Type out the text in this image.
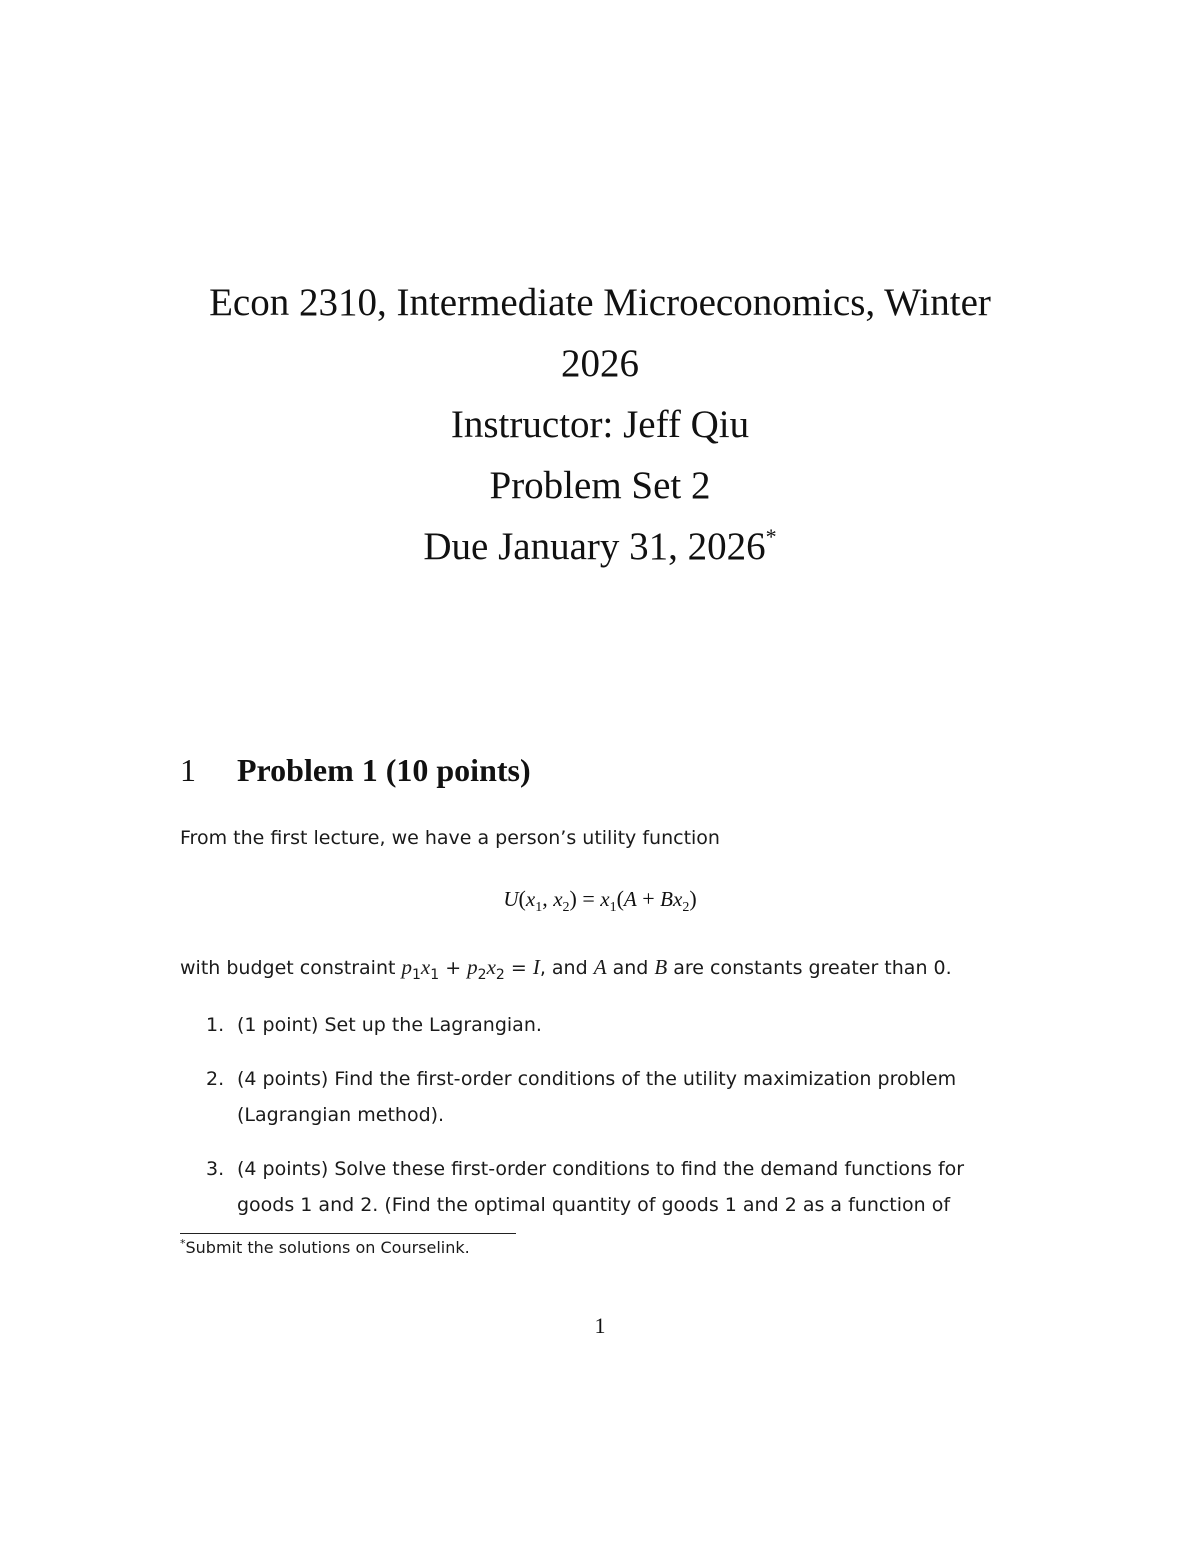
Econ 2310, Intermediate Microeconomics, Winter
2026
Instructor: Jeff Qiu
Problem Set 2
Due January 31, 2026*
1 Problem 1 (10 points)
From the first lecture, we have a person’s utility function
$U(x_1$, $x_2) = x_1(A + Bx_2)$
with budget constraint $p_1x_1 + p_2x_2 = I$, and A and B are constants greater than 0.
1. (1 point) Set up the Lagrangian.
2. (4 points) Find the first-order conditions of the utility maximization problem (Lagrangian method).
3. (4 points) Solve these first-order conditions to find the demand functions for goods 1 and 2. (Find the optimal quantity of goods 1 and 2 as a function of
*Submit the solutions on Courselink.
1
